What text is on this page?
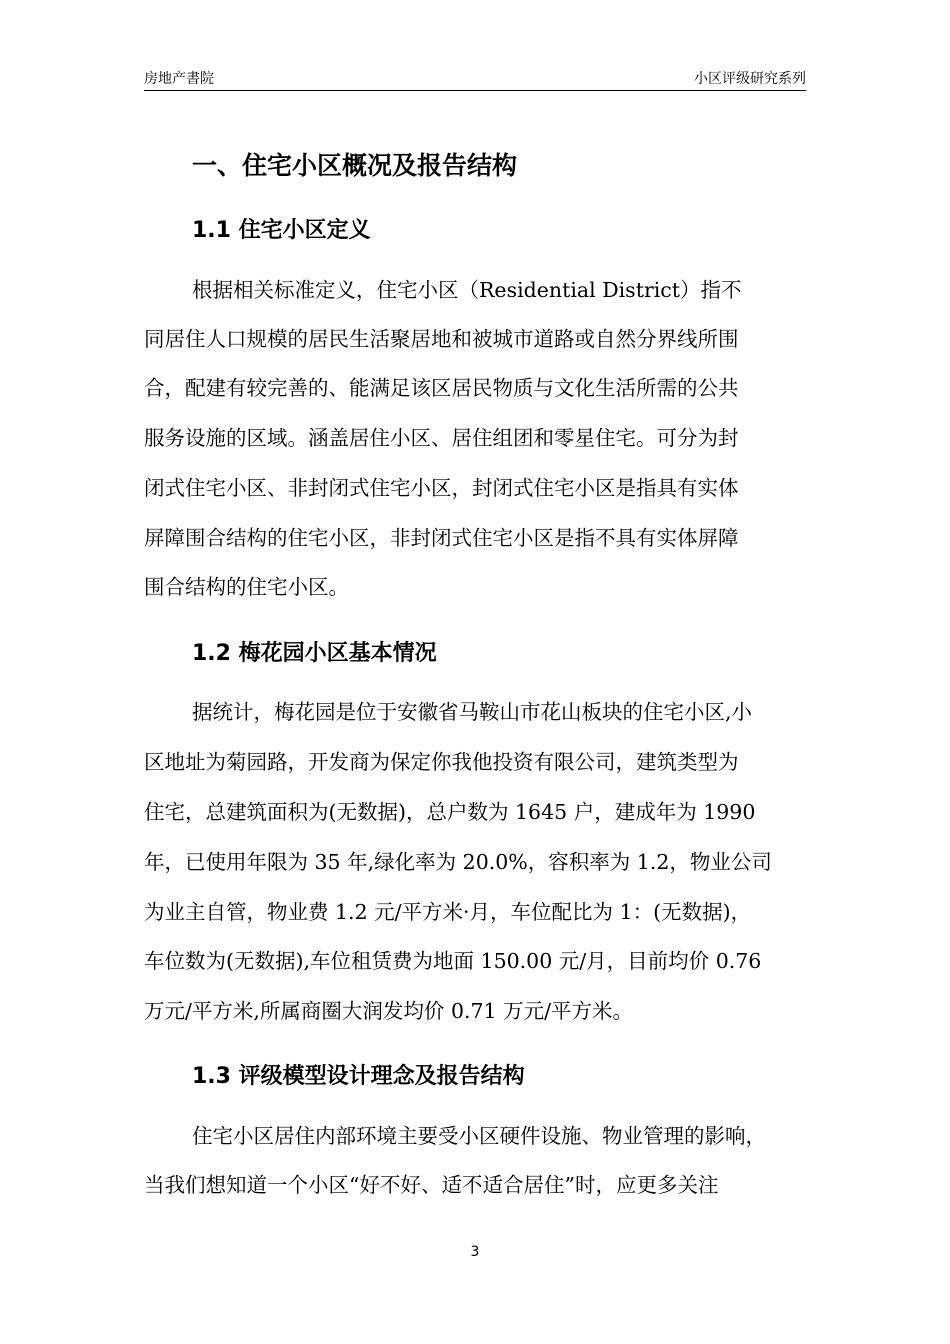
房地产書院	小区评级研究系列
一、住宅小区概况及报告结构
1.1 住宅小区定义
根据相关标准定义，住宅小区（Residential District）指不
同居住人口规模的居民生活聚居地和被城市道路或自然分界线所围
合，配建有较完善的、能满足该区居民物质与文化生活所需的公共
服务设施的区域。涵盖居住小区、居住组团和零星住宅。可分为封
闭式住宅小区、非封闭式住宅小区，封闭式住宅小区是指具有实体
屏障围合结构的住宅小区，非封闭式住宅小区是指不具有实体屏障
围合结构的住宅小区。
1.2 梅花园小区基本情况
据统计，梅花园是位于安徽省马鞍山市花山板块的住宅小区,小
区地址为菊园路，开发商为保定你我他投资有限公司，建筑类型为
住宅，总建筑面积为(无数据)，总户数为 1645 户，建成年为 1990
年，已使用年限为 35 年,绿化率为 20.0%，容积率为 1.2，物业公司
为业主自管，物业费 1.2 元/平方米·月，车位配比为 1：(无数据)，
车位数为(无数据),车位租赁费为地面 150.00 元/月，目前均价 0.76
万元/平方米,所属商圈大润发均价 0.71 万元/平方米。
1.3 评级模型设计理念及报告结构
住宅小区居住内部环境主要受小区硬件设施、物业管理的影响，
当我们想知道一个小区“好不好、适不适合居住”时，应更多关注
3
